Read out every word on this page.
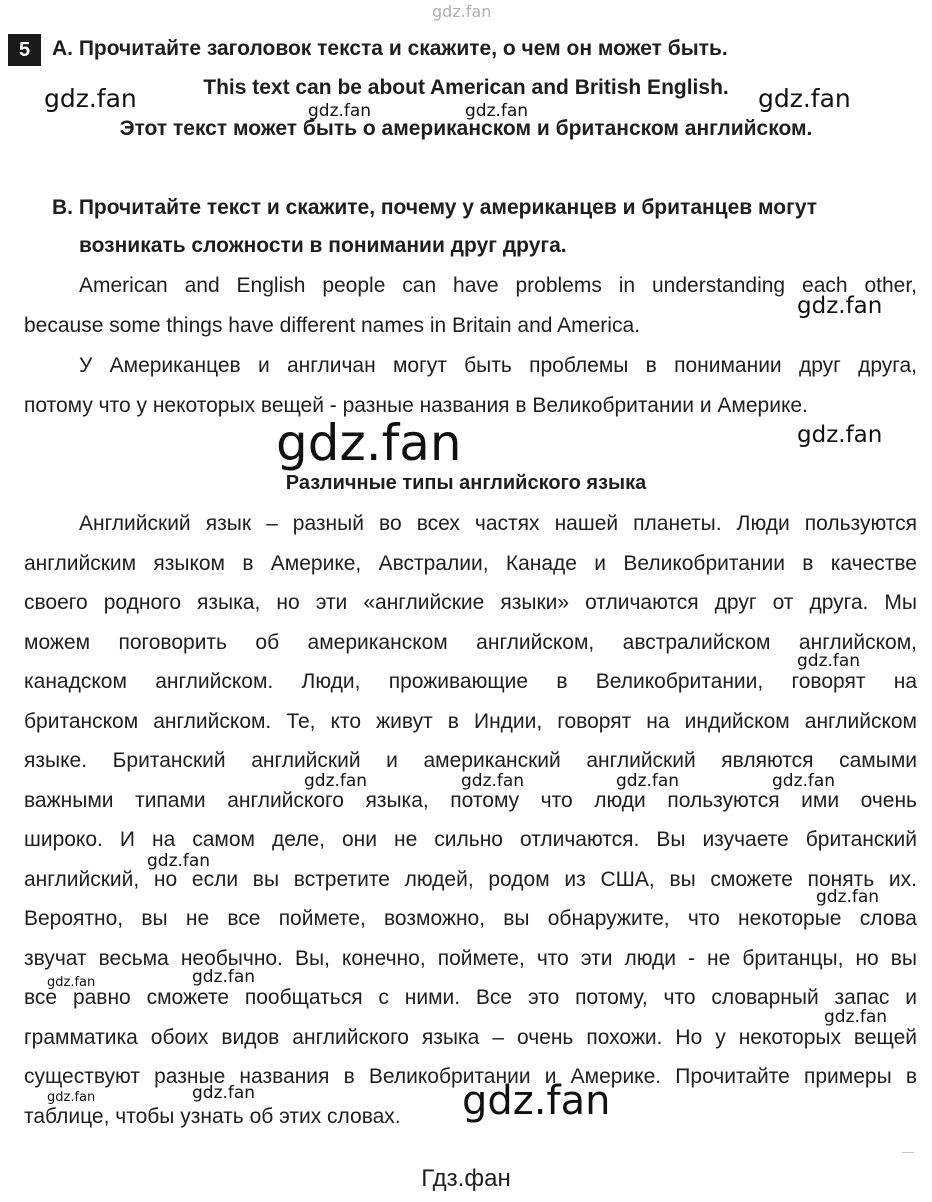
5	A. Прочитайте заголовок текста и скажите, о чем он может быть.
This text can be about American and British English.
Этот текст может быть о американском и британском английском.
B. Прочитайте текст и скажите, почему у американцев и британцев могут
возникать сложности в понимании друг друга.
American and English people can have problems in understanding each other,
because some things have different names in Britain and America.
У Американцев и англичан могут быть проблемы в понимании друг друга,
потому что у некоторых вещей - разные названия в Великобритании и Америке.
Различные типы английского языка
Английский язык – разный во всех частях нашей планеты. Люди пользуются
английским языком в Америке, Австралии, Канаде и Великобритании в качестве
своего родного языка, но эти «английские языки» отличаются друг от друга. Мы
можем поговорить об американском английском, австралийском английском,
канадском английском. Люди, проживающие в Великобритании, говорят на
британском английском. Те, кто живут в Индии, говорят на индийском английском
языке. Британский английский и американский английский являются самыми
важными типами английского языка, потому что люди пользуются ими очень
широко. И на самом деле, они не сильно отличаются. Вы изучаете британский
английский, но если вы встретите людей, родом из США, вы сможете понять их.
Вероятно, вы не все поймете, возможно, вы обнаружите, что некоторые слова
звучат весьма необычно. Вы, конечно, поймете, что эти люди - не британцы, но вы
все равно сможете пообщаться с ними. Все это потому, что словарный запас и
грамматика обоих видов английского языка – очень похожи. Но у некоторых вещей
существуют разные названия в Великобритании и Америке. Прочитайте примеры в
таблице, чтобы узнать об этих словах.
gdz.fan
gdz.fan	gdz.fan
gdz.fan	gdz.fan
gdz.fan
gdz.fan	gdz.fan
gdz.fan
gdz.fan	gdz.fan	gdz.fan	gdz.fan
gdz.fan
gdz.fan
gdz.fan
gdz.fan
gdz.fan
gdz.fan
gdz.fan	gdz.fan
Гдз.фан
